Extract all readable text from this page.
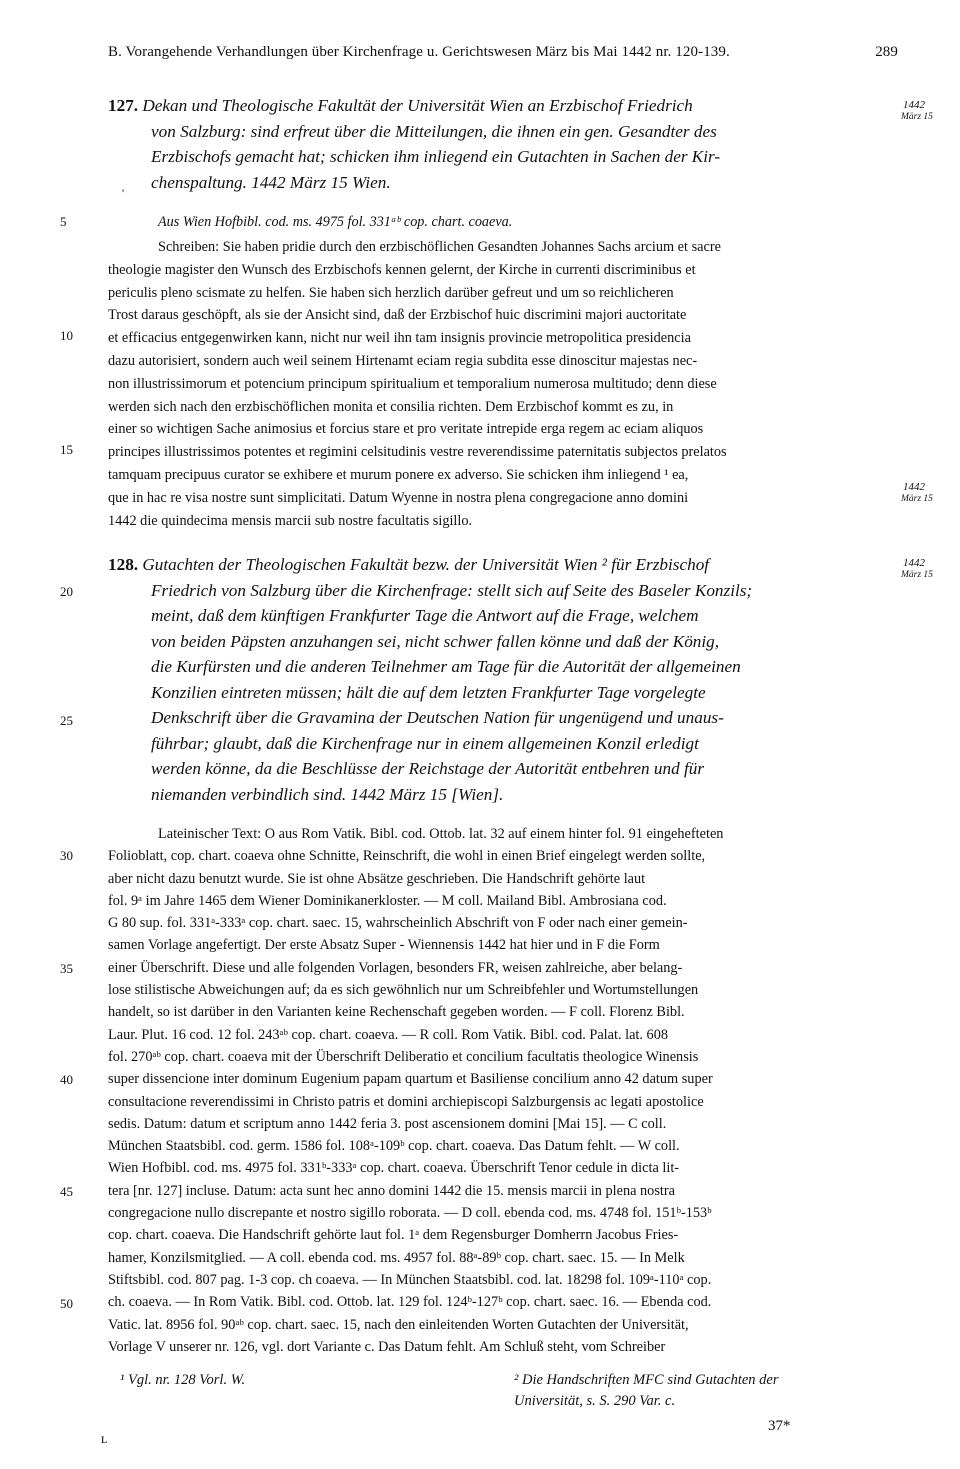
B. Vorangehende Verhandlungen über Kirchenfrage u. Gerichtswesen März bis Mai 1442 nr. 120-139.	289
127. Dekan und Theologische Fakultät der Universität Wien an Erzbischof Friedrich
von Salzburg: sind erfreut über die Mitteilungen, die ihnen ein gen. Gesandter des
Erzbischofs gemacht hat; schicken ihm inliegend ein Gutachten in Sachen der Kir-
chenspaltung. 1442 März 15 Wien.
Aus Wien Hofbibl. cod. ms. 4975 fol. 331ᵃᵇ cop. chart. coaeva.
Schreiben: Sie haben pridie durch den erzbischöflichen Gesandten Johannes Sachs arcium et sacre
theologie magister den Wunsch des Erzbischofs kennen gelernt, der Kirche in currenti discriminibus et
periculis pleno scismate zu helfen. Sie haben sich herzlich darüber gefreut und um so reichlicheren
Trost daraus geschöpft, als sie der Ansicht sind, daß der Erzbischof huic discrimini majori auctoritate
et efficacius entgegenwirken kann, nicht nur weil ihn tam insignis provincie metropolitica presidencia
dazu autorisiert, sondern auch weil seinem Hirtenamt eciam regia subdita esse dinoscitur majestas nec-
non illustrissimorum et potencium principum spiritualium et temporalium numerosa multitudo; denn diese
werden sich nach den erzbischöflichen monita et consilia richten. Dem Erzbischof kommt es zu, in
einer so wichtigen Sache animosius et forcius stare et pro veritate intrepide erga regem ac eciam aliquos
principes illustrissimos potentes et regimini celsitudinis vestre reverendissime paternitatis subjectos prelatos
tamquam precipuus curator se exhibere et murum ponere ex adverso. Sie schicken ihm inliegend ¹ ea,
que in hac re visa nostre sunt simplicitati. Datum Wyenne in nostra plena congregacione anno domini
1442 die quindecima mensis marcii sub nostre facultatis sigillo.
128. Gutachten der Theologischen Fakultät bezw. der Universität Wien ² für Erzbischof
Friedrich von Salzburg über die Kirchenfrage: stellt sich auf Seite des Baseler Konzils;
meint, daß dem künftigen Frankfurter Tage die Antwort auf die Frage, welchem
von beiden Päpsten anzuhangen sei, nicht schwer fallen könne und daß der König,
die Kurfürsten und die anderen Teilnehmer am Tage für die Autorität der allgemeinen
Konzilien eintreten müssen; hält die auf dem letzten Frankfurter Tage vorgelegte
Denkschrift über die Gravamina der Deutschen Nation für ungenügend und unaus-
führbar; glaubt, daß die Kirchenfrage nur in einem allgemeinen Konzil erledigt
werden könne, da die Beschlüsse der Reichstage der Autorität entbehren und für
niemanden verbindlich sind. 1442 März 15 [Wien].
Lateinischer Text: O aus Rom Vatik. Bibl. cod. Ottob. lat. 32 auf einem hinter fol. 91 eingehefteten
Folioblatt, cop. chart. coaeva ohne Schnitte, Reinschrift, die wohl in einen Brief eingelegt werden sollte,
aber nicht dazu benutzt wurde. Sie ist ohne Absätze geschrieben. Die Handschrift gehörte laut
fol. 9ᵃ im Jahre 1465 dem Wiener Dominikanerkloster. — M coll. Mailand Bibl. Ambrosiana cod.
G 80 sup. fol. 331ᵃ-333ᵃ cop. chart. saec. 15, wahrscheinlich Abschrift von F oder nach einer gemein-
samen Vorlage angefertigt. Der erste Absatz Super - Wiennensis 1442 hat hier und in F die Form
einer Überschrift. Diese und alle folgenden Vorlagen, besonders FR, weisen zahlreiche, aber belang-
lose stilistische Abweichungen auf; da es sich gewöhnlich nur um Schreibfehler und Wortumstellungen
handelt, so ist darüber in den Varianten keine Rechenschaft gegeben worden. — F coll. Florenz Bibl.
Laur. Plut. 16 cod. 12 fol. 243ᵃᵇ cop. chart. coaeva. — R coll. Rom Vatik. Bibl. cod. Palat. lat. 608
fol. 270ᵃᵇ cop. chart. coaeva mit der Überschrift Deliberatio et concilium facultatis theologice Winensis
super dissencione inter dominum Eugenium papam quartum et Basiliense concilium anno 42 datum super
consultacione reverendissimi in Christo patris et domini archiepiscopi Salzburgensis ac legati apostolice
sedis. Datum: datum et scriptum anno 1442 feria 3. post ascensionem domini [Mai 15]. — C coll.
München Staatsbibl. cod. germ. 1586 fol. 108ᵃ-109ᵇ cop. chart. coaeva. Das Datum fehlt. — W coll.
Wien Hofbibl. cod. ms. 4975 fol. 331ᵇ-333ᵃ cop. chart. coaeva. Überschrift Tenor cedule in dicta lit-
tera [nr. 127] incluse. Datum: acta sunt hec anno domini 1442 die 15. mensis marcii in plena nostra
congregacione nullo discrepante et nostro sigillo roborata. — D coll. ebenda cod. ms. 4748 fol. 151ᵇ-153ᵇ
cop. chart. coaeva. Die Handschrift gehörte laut fol. 1ᵃ dem Regensburger Domherrn Jacobus Fries-
hamer, Konzilsmitglied. — A coll. ebenda cod. ms. 4957 fol. 88ᵃ-89ᵇ cop. chart. saec. 15. — In Melk
Stiftsbibl. cod. 807 pag. 1-3 cop. ch coaeva. — In München Staatsbibl. cod. lat. 18298 fol. 109ᵃ-110ᵃ cop.
ch. coaeva. — In Rom Vatik. Bibl. cod. Ottob. lat. 129 fol. 124ᵇ-127ᵇ cop. chart. saec. 16. — Ebenda cod.
Vatic. lat. 8956 fol. 90ᵃᵇ cop. chart. saec. 15, nach den einleitenden Worten Gutachten der Universität,
Vorlage V unserer nr. 126, vgl. dort Variante c. Das Datum fehlt. Am Schluß steht, vom Schreiber
5
10
15
20
25
30
35
40
45
50
1442
März 15
1442
März 15
1442
März 15
'
¹ Vgl. nr. 128 Vorl. W.	² Die Handschriften MFC sind Gutachten der
Universität, s. S. 290 Var. c.
37*
ʟ
